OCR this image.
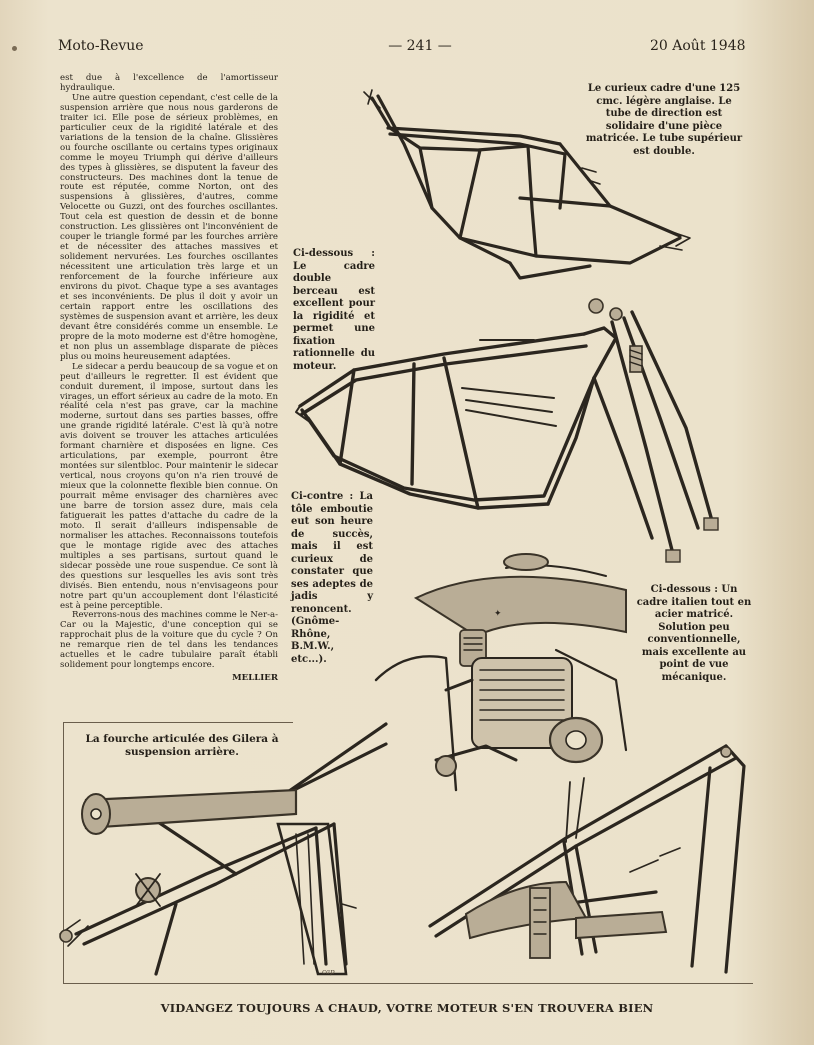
Moto-Revue	— 241 —	20 Août 1948

est due à l'excellence de l'amortisseur hydraulique.

Une autre question cependant, c'est celle de la suspension arrière que nous nous garderons de traiter ici. Elle pose de sérieux problèmes, en particulier ceux de la rigidité latérale et des variations de la tension de la chaîne. Glissières ou fourche oscillante ou certains types originaux comme le moyeu Triumph qui dérive d'ailleurs des types à glissières, se disputent la faveur des constructeurs. Des machines dont la tenue de route est réputée, comme Norton, ont des suspensions à glissières, d'autres, comme Velocette ou Guzzi, ont des fourches oscillantes. Tout cela est question de dessin et de bonne construction. Les glissières ont l'inconvénient de couper le triangle formé par les fourches arrière et de nécessiter des attaches massives et solidement nervurées. Les fourches oscillantes nécessitent une articulation très large et un renforcement de la fourche inférieure aux environs du pivot. Chaque type a ses avantages et ses inconvénients. De plus il doit y avoir un certain rapport entre les oscillations des systèmes de suspension avant et arrière, les deux devant être considérés comme un ensemble. Le propre de la moto moderne est d'être homogène, et non plus un assemblage disparate de pièces plus ou moins heureusement adaptées.

Le sidecar a perdu beaucoup de sa vogue et on peut d'ailleurs le regretter. Il est évident que conduit durement, il impose, surtout dans les virages, un effort sérieux au cadre de la moto. En réalité cela n'est pas grave, car la machine moderne, surtout dans ses parties basses, offre une grande rigidité latérale. C'est là qu'à notre avis doivent se trouver les attaches articulées formant charnière et disposées en ligne. Ces articulations, par exemple, pourront être montées sur silentbloc. Pour maintenir le sidecar vertical, nous croyons qu'on n'a rien trouvé de mieux que la colonnette flexible bien connue. On pourrait même envisager des charnières avec une barre de torsion assez dure, mais cela fatiguerait les pattes d'attache du cadre de la moto. Il serait d'ailleurs indispensable de normaliser les attaches. Reconnaissons toutefois que le montage rigide avec des attaches multiples a ses partisans, surtout quand le sidecar possède une roue suspendue. Ce sont là des questions sur lesquelles les avis sont très divisés. Bien entendu, nous n'envisageons pour notre part qu'un accouplement dont l'élasticité est à peine perceptible.

Reverrons-nous des machines comme le Ner-a-Car ou la Majestic, d'une conception qui se rapprochait plus de la voiture que du cycle ? On ne remarque rien de tel dans les tendances actuelles et le cadre tubulaire paraît établi solidement pour longtemps encore.

MELLIER
Le curieux cadre d'une 125 cmc. légère anglaise. Le tube de direction est solidaire d'une pièce matricée. Le tube supérieur est double.
Ci-dessous : Le cadre double berceau est excellent pour la rigidité et permet une fixation rationnelle du moteur.
✦
Ci-contre : La tôle emboutie eut son heure de succès, mais il est curieux de constater que ses adeptes de jadis y renoncent. (Gnôme-Rhône, B.M.W., etc...).
Ci-dessous : Un cadre italien tout en acier matricé. Solution peu conventionnelle, mais excellente au point de vue mécanique.
La fourche articulée des Gilera à suspension arrière.
cap
VIDANGEZ TOUJOURS A CHAUD, VOTRE MOTEUR S'EN TROUVERA BIEN
